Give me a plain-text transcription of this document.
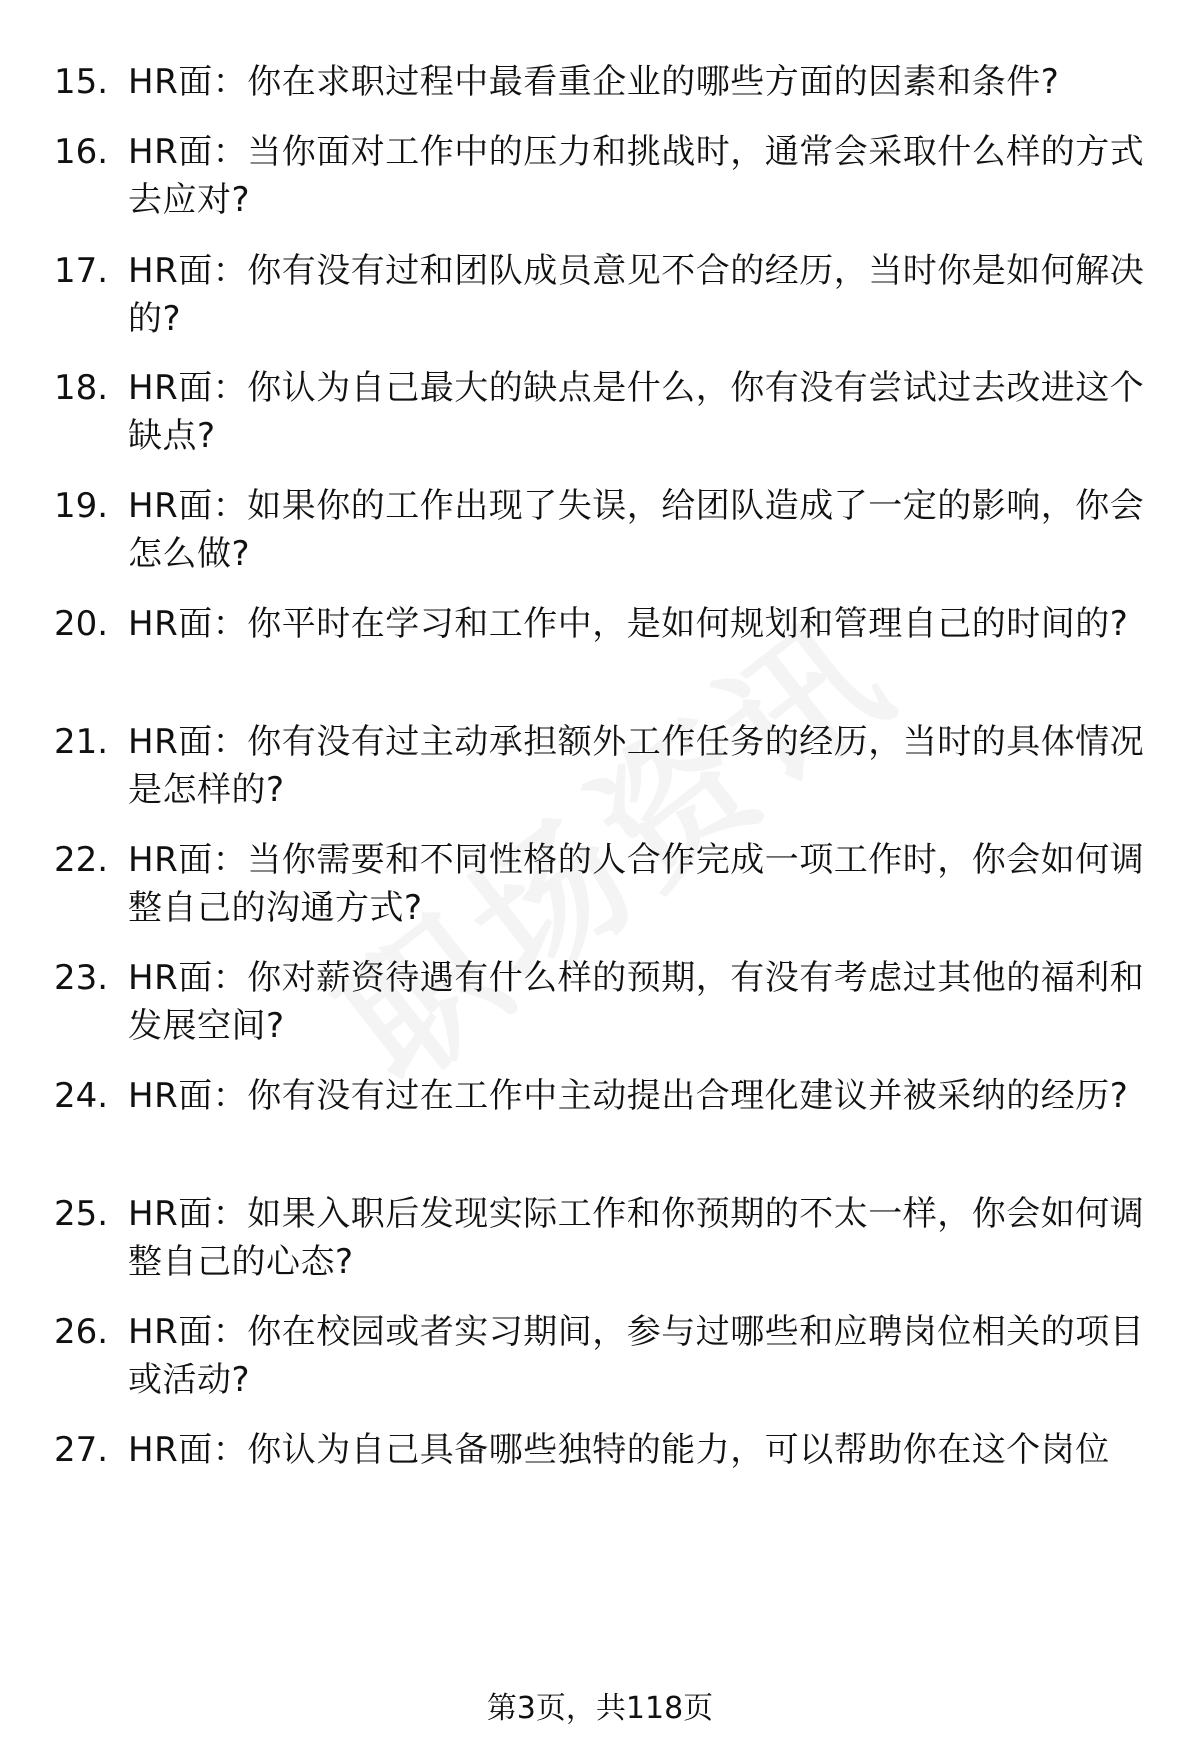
15. HR面：你在求职过程中最看重企业的哪些方面的因素和条件?
16. HR面：当你面对工作中的压力和挑战时，通常会采取什么样的方式去应对?
17. HR面：你有没有过和团队成员意见不合的经历，当时你是如何解决的?
18. HR面：你认为自己最大的缺点是什么，你有没有尝试过去改进这个缺点?
19. HR面：如果你的工作出现了失误，给团队造成了一定的影响，你会怎么做?
20. HR面：你平时在学习和工作中，是如何规划和管理自己的时间的?
21. HR面：你有没有过主动承担额外工作任务的经历，当时的具体情况是怎样的?
22. HR面：当你需要和不同性格的人合作完成一项工作时，你会如何调整自己的沟通方式?
23. HR面：你对薪资待遇有什么样的预期，有没有考虑过其他的福利和发展空间?
24. HR面：你有没有过在工作中主动提出合理化建议并被采纳的经历?
25. HR面：如果入职后发现实际工作和你预期的不太一样，你会如何调整自己的心态?
26. HR面：你在校园或者实习期间，参与过哪些和应聘岗位相关的项目或活动?
27. HR面：你认为自己具备哪些独特的能力，可以帮助你在这个岗位
第3页，共118页
